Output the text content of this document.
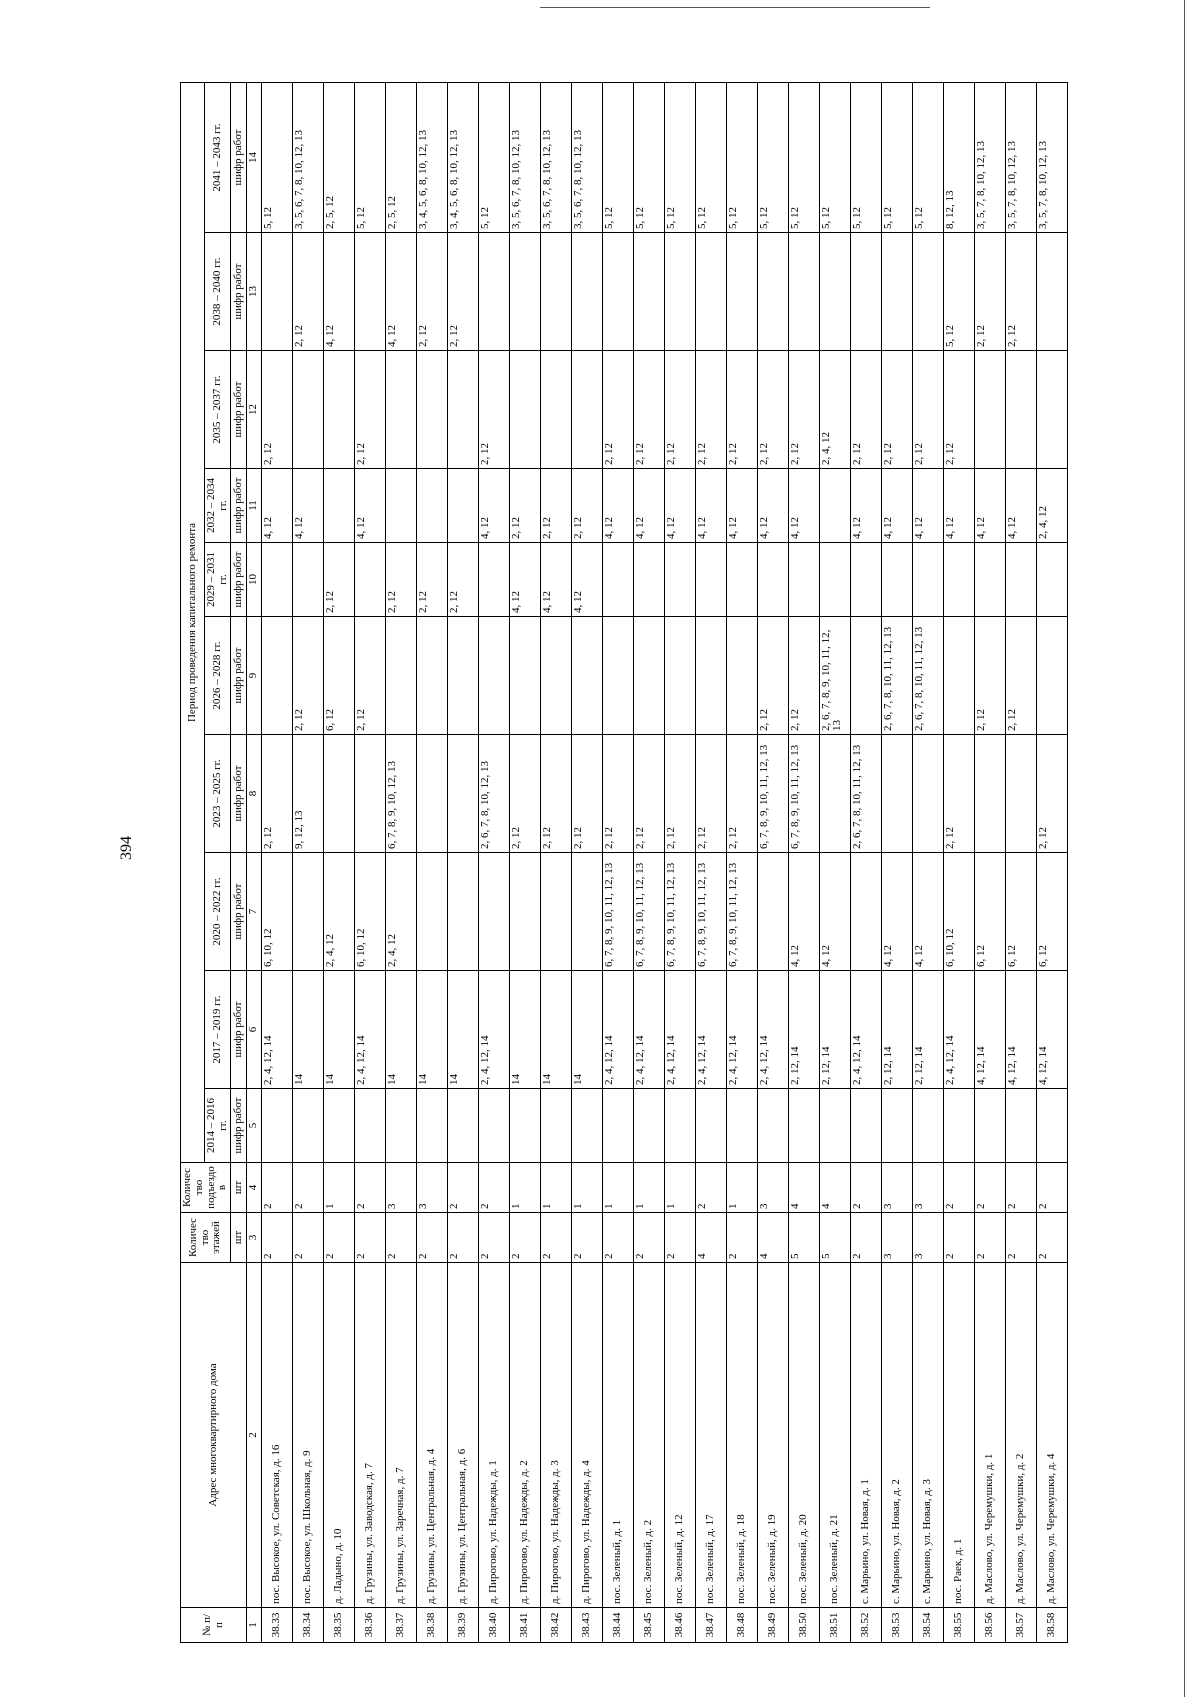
394
№ п/п	Адрес многоквартирного дома	Количество этажей	Количество подъездов	Период проведения капитального ремонта									
				2014 – 2016 гг.	2017 – 2019 гг.	2020 – 2022 гг.	2023 – 2025 гг.	2026 – 2028 гг.	2029 – 2031 гг.	2032 – 2034 гг.	2035 – 2037 гг.	2038 – 2040 гг.	2041 – 2043 гг.
		шт	шт	шифр работ	шифр работ	шифр работ	шифр работ	шифр работ	шифр работ	шифр работ	шифр работ	шифр работ	шифр работ
1	2	3	4	5	6	7	8	9	10	11	12	13	14
38.33	пос. Высокое, ул. Советская, д. 16	2	2		2, 4, 12, 14	6, 10, 12	2, 12			4, 12	2, 12		5, 12
38.34	пос. Высокое, ул. Школьная, д. 9	2	2		14		9, 12, 13	2, 12		4, 12		2, 12	3, 5, 6, 7, 8, 10, 12, 13
38.35	д. Ладыно, д. 10	2	1		14	2, 4, 12		6, 12	2, 12			4, 12	2, 5, 12
38.36	д. Грузины, ул. Заводская, д. 7	2	2		2, 4, 12, 14	6, 10, 12		2, 12		4, 12	2, 12		5, 12
38.37	д. Грузины, ул. Заречная, д. 7	2	3		14	2, 4, 12	6, 7, 8, 9, 10, 12, 13		2, 12			4, 12	2, 5, 12
38.38	д. Грузины, ул. Центральная, д. 4	2	3		14				2, 12			2, 12	3, 4, 5, 6, 8, 10, 12, 13
38.39	д. Грузины, ул. Центральная, д. 6	2	2		14				2, 12			2, 12	3, 4, 5, 6, 8, 10, 12, 13
38.40	д. Пирогово, ул. Надежды, д. 1	2	2		2, 4, 12, 14		2, 6, 7, 8, 10, 12, 13			4, 12	2, 12		5, 12
38.41	д. Пирогово, ул. Надежды, д. 2	2	1		14		2, 12		4, 12	2, 12			3, 5, 6, 7, 8, 10, 12, 13
38.42	д. Пирогово, ул. Надежды, д. 3	2	1		14		2, 12		4, 12	2, 12			3, 5, 6, 7, 8, 10, 12, 13
38.43	д. Пирогово, ул. Надежды, д. 4	2	1		14		2, 12		4, 12	2, 12			3, 5, 6, 7, 8, 10, 12, 13
38.44	пос. Зеленый, д. 1	2	1		2, 4, 12, 14	6, 7, 8, 9, 10, 11, 12, 13	2, 12			4, 12	2, 12		5, 12
38.45	пос. Зеленый, д. 2	2	1		2, 4, 12, 14	6, 7, 8, 9, 10, 11, 12, 13	2, 12			4, 12	2, 12		5, 12
38.46	пос. Зеленый, д. 12	2	1		2, 4, 12, 14	6, 7, 8, 9, 10, 11, 12, 13	2, 12			4, 12	2, 12		5, 12
38.47	пос. Зеленый, д. 17	4	2		2, 4, 12, 14	6, 7, 8, 9, 10, 11, 12, 13	2, 12			4, 12	2, 12		5, 12
38.48	пос. Зеленый, д. 18	2	1		2, 4, 12, 14	6, 7, 8, 9, 10, 11, 12, 13	2, 12			4, 12	2, 12		5, 12
38.49	пос. Зеленый, д. 19	4	3		2, 4, 12, 14		6, 7, 8, 9, 10, 11, 12, 13	2, 12		4, 12	2, 12		5, 12
38.50	пос. Зеленый, д. 20	5	4		2, 12, 14	4, 12	6, 7, 8, 9, 10, 11, 12, 13	2, 12		4, 12	2, 12		5, 12
38.51	пос. Зеленый, д. 21	5	4		2, 12, 14	4, 12		2, 6, 7, 8, 9, 10, 11, 12, 13			2, 4, 12		5, 12
38.52	с. Марьино, ул. Новая, д. 1	2	2		2, 4, 12, 14		2, 6, 7, 8, 10, 11, 12, 13			4, 12	2, 12		5, 12
38.53	с. Марьино, ул. Новая, д. 2	3	3		2, 12, 14	4, 12		2, 6, 7, 8, 10, 11, 12, 13		4, 12	2, 12		5, 12
38.54	с. Марьино, ул. Новая, д. 3	3	3		2, 12, 14	4, 12		2, 6, 7, 8, 10, 11, 12, 13		4, 12	2, 12		5, 12
38.55	пос. Раек, д. 1	2	2		2, 4, 12, 14	6, 10, 12	2, 12			4, 12	2, 12	5, 12	8, 12, 13
38.56	д. Маслово, ул. Черемушки, д. 1	2	2		4, 12, 14	6, 12		2, 12		4, 12		2, 12	3, 5, 7, 8, 10, 12, 13
38.57	д. Маслово, ул. Черемушки, д. 2	2	2		4, 12, 14	6, 12		2, 12		4, 12		2, 12	3, 5, 7, 8, 10, 12, 13
38.58	д. Маслово, ул. Черемушки, д. 4	2	2		4, 12, 14	6, 12	2, 12			2, 4, 12			3, 5, 7, 8, 10, 12, 13
